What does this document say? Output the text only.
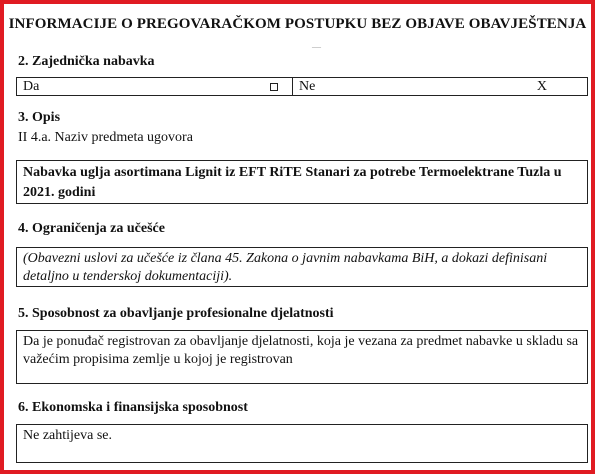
INFORMACIJE O PREGOVARAČKOM POSTUPKU BEZ OBJAVE OBAVJEŠTENJA
—
2. Zajednička nabavka
Da	Ne	X
3. Opis
II 4.a. Naziv predmeta ugovora
Nabavka uglja asortimana Lignit iz EFT RiTE Stanari za potrebe Termoelektrane Tuzla u 2021. godini
4. Ograničenja za učešće
(Obavezni uslovi za učešće iz člana 45. Zakona o javnim nabavkama BiH, a dokazi definisani detaljno u tenderskoj dokumentaciji).
5. Sposobnost za obavljanje profesionalne djelatnosti
Da je ponuđač registrovan za obavljanje djelatnosti, koja je vezana za predmet nabavke u skladu sa važećim propisima zemlje u kojoj je registrovan
6. Ekonomska i finansijska sposobnost
Ne zahtijeva se.
